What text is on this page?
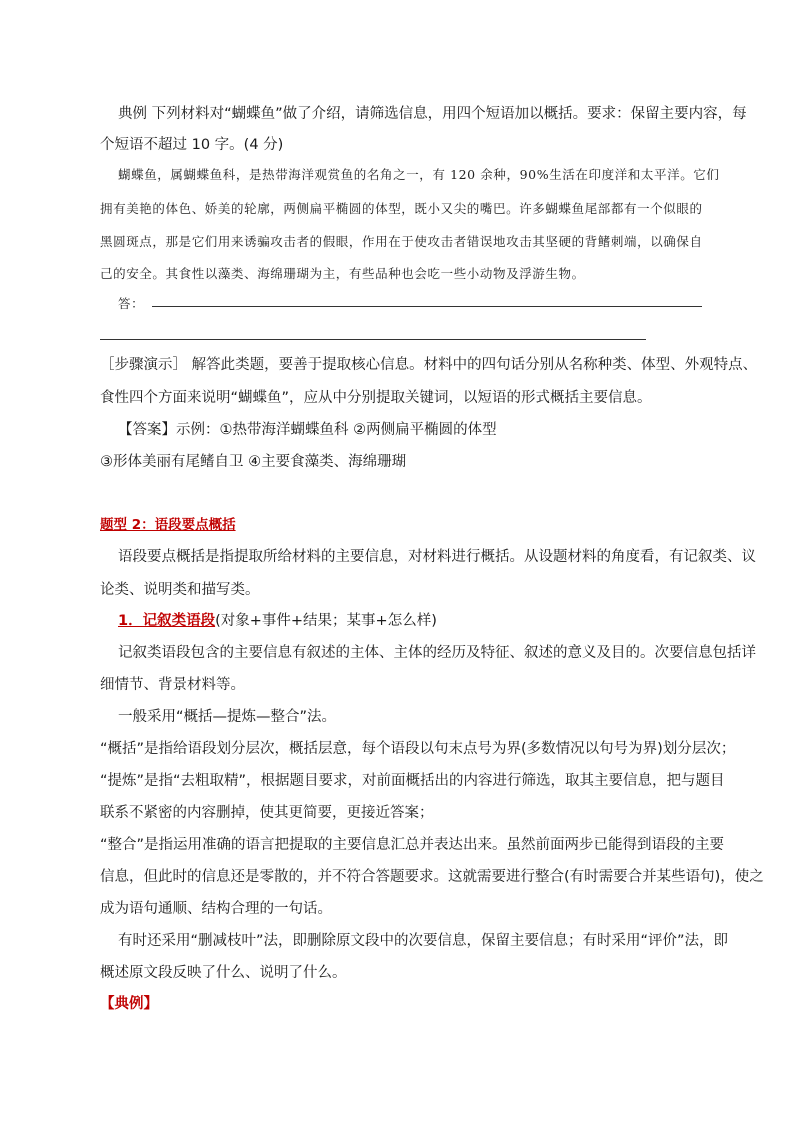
典例 下列材料对“蝴蝶鱼”做了介绍，请筛选信息，用四个短语加以概括。要求：保留主要内容，每
个短语不超过 10 字。(4 分)
蝴蝶鱼，属蝴蝶鱼科，是热带海洋观赏鱼的名角之一，有 120 余种，90%生活在印度洋和太平洋。它们
拥有美艳的体色、娇美的轮廓，两侧扁平椭圆的体型，既小又尖的嘴巴。许多蝴蝶鱼尾部都有一个似眼的
黑圆斑点，那是它们用来诱骗攻击者的假眼，作用在于使攻击者错误地攻击其坚硬的背鳍刺端，以确保自
己的安全。其食性以藻类、海绵珊瑚为主，有些品种也会吃一些小动物及浮游生物。
答：
［步骤演示］ 解答此类题，要善于提取核心信息。材料中的四句话分别从名称种类、体型、外观特点、
食性四个方面来说明“蝴蝶鱼”，应从中分别提取关键词，以短语的形式概括主要信息。
【答案】示例：①热带海洋蝴蝶鱼科 ②两侧扁平椭圆的体型
③形体美丽有尾鳍自卫 ④主要食藻类、海绵珊瑚
题型 2：语段要点概括
语段要点概括是指提取所给材料的主要信息，对材料进行概括。从设题材料的角度看，有记叙类、议
论类、说明类和描写类。
1．记叙类语段(对象+事件+结果；某事+怎么样)
记叙类语段包含的主要信息有叙述的主体、主体的经历及特征、叙述的意义及目的。次要信息包括详
细情节、背景材料等。
一般采用“概括—提炼—整合”法。
“概括”是指给语段划分层次，概括层意，每个语段以句末点号为界(多数情况以句号为界)划分层次；
“提炼”是指“去粗取精”，根据题目要求，对前面概括出的内容进行筛选，取其主要信息，把与题目
联系不紧密的内容删掉，使其更简要，更接近答案；
“整合”是指运用准确的语言把提取的主要信息汇总并表达出来。虽然前面两步已能得到语段的主要
信息，但此时的信息还是零散的，并不符合答题要求。这就需要进行整合(有时需要合并某些语句)，使之
成为语句通顺、结构合理的一句话。
有时还采用“删减枝叶”法，即删除原文段中的次要信息，保留主要信息；有时采用“评价”法，即
概述原文段反映了什么、说明了什么。
【典例】
